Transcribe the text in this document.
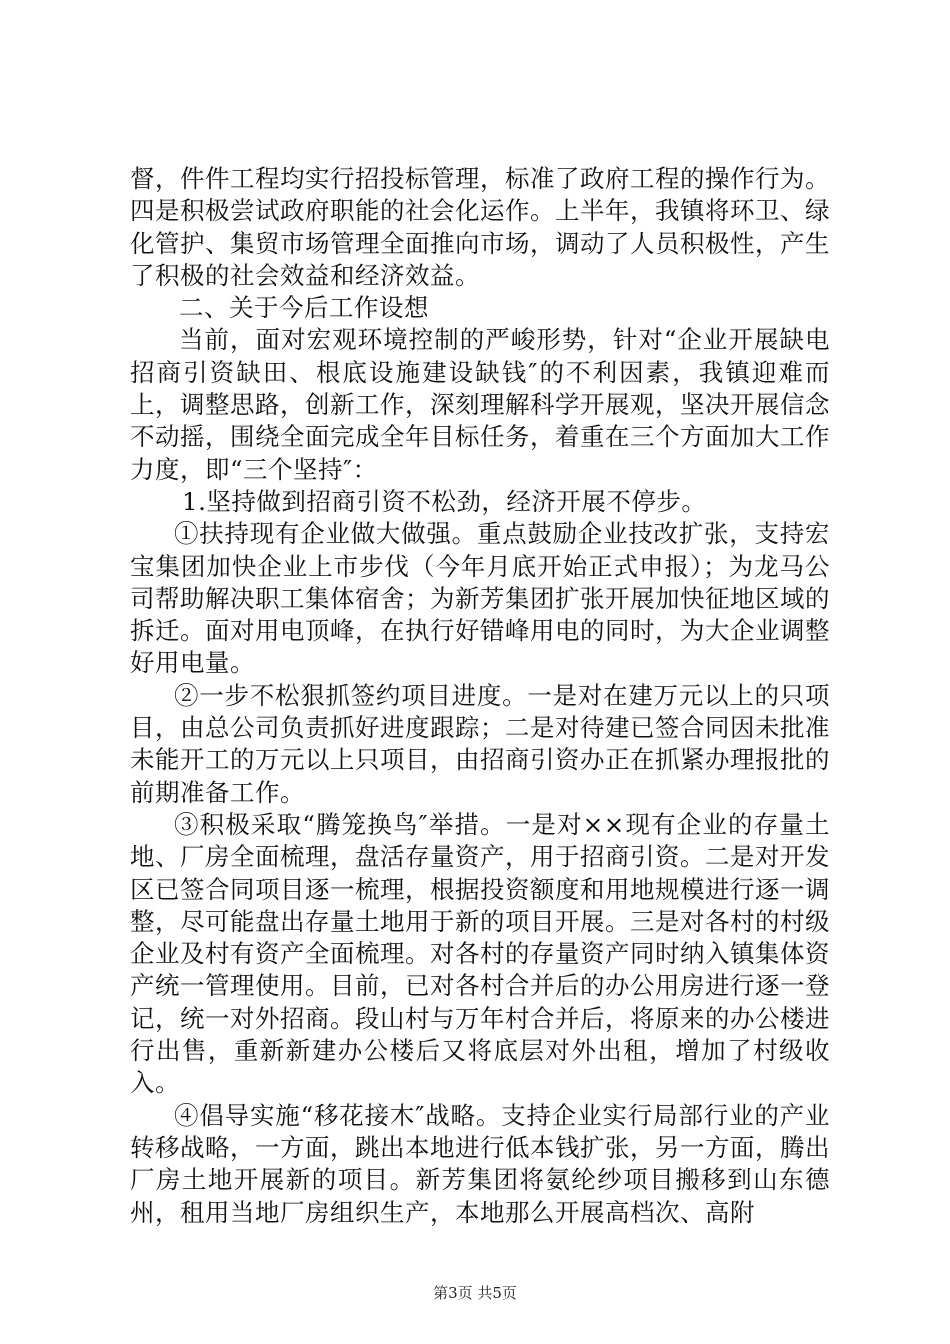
督，件件工程均实行招投标管理，标准了政府工程的操作行为。四是积极尝试政府职能的社会化运作。上半年，我镇将环卫、绿化管护、集贸市场管理全面推向市场，调动了人员积极性，产生了积极的社会效益和经济效益。

二、关于今后工作设想

当前，面对宏观环境控制的严峻形势，针对“企业开展缺电招商引资缺田、根底设施建设缺钱″的不利因素，我镇迎难而上，调整思路，创新工作，深刻理解科学开展观，坚决开展信念不动摇，围绕全面完成全年目标任务，着重在三个方面加大工作力度，即“三个坚持″：

1.坚持做到招商引资不松劲，经济开展不停步。

①扶持现有企业做大做强。重点鼓励企业技改扩张，支持宏宝集团加快企业上市步伐（今年月底开始正式申报）；为龙马公司帮助解决职工集体宿舍；为新芳集团扩张开展加快征地区域的拆迁。面对用电顶峰，在执行好错峰用电的同时，为大企业调整好用电量。

②一步不松狠抓签约项目进度。一是对在建万元以上的只项目，由总公司负责抓好进度跟踪；二是对待建已签合同因未批准未能开工的万元以上只项目，由招商引资办正在抓紧办理报批的前期准备工作。

③积极采取“腾笼换鸟″举措。一是对××现有企业的存量土地、厂房全面梳理，盘活存量资产，用于招商引资。二是对开发区已签合同项目逐一梳理，根据投资额度和用地规模进行逐一调整，尽可能盘出存量土地用于新的项目开展。三是对各村的村级企业及村有资产全面梳理。对各村的存量资产同时纳入镇集体资产统一管理使用。目前，已对各村合并后的办公用房进行逐一登记，统一对外招商。段山村与万年村合并后，将原来的办公楼进行出售，重新新建办公楼后又将底层对外出租，增加了村级收入。

④倡导实施“移花接木″战略。支持企业实行局部行业的产业转移战略，一方面，跳出本地进行低本钱扩张，另一方面，腾出厂房土地开展新的项目。新芳集团将氨纶纱项目搬移到山东德州，租用当地厂房组织生产，本地那么开展高档次、高附

第3页 共5页
